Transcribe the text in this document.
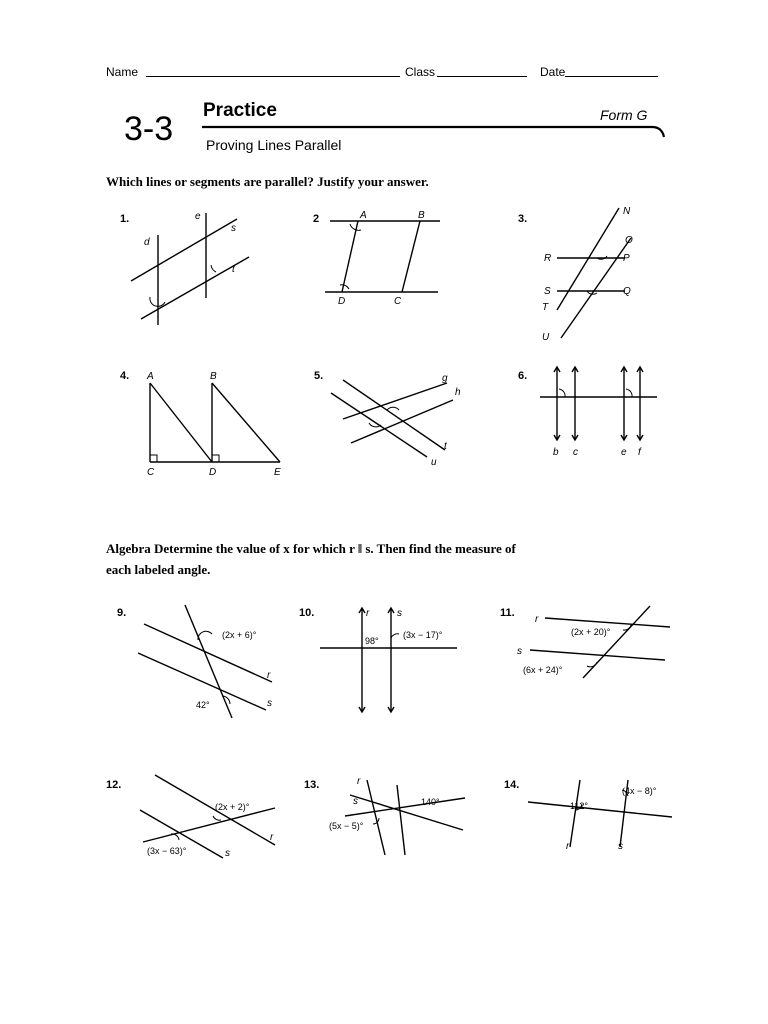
Name	Class	Date
3-3 Practice	Form G
Proving Lines Parallel
Which lines or segments are parallel? Justify your answer.
1.	e
s
d
t
2	A	B
D	C
3.
N
O
R	P
S	Q
T
U
4. A	B
C	D	E
5.	g
h
t
u
6.
b c	e f
Algebra Determine the value of x for which r ‖ s. Then find the measure of
each labeled angle.
9.
(2x + 6)°
r
42°	s
10.	r	s
98°
(3x − 17)°
11.
r
(2x + 20)°
s
(6x + 24)°
12.
(2x + 2)°
r
(3x − 63)°	s
13.	r
s	140°
(5x − 5)°
14.	(4x − 8)°
112°
r	s
